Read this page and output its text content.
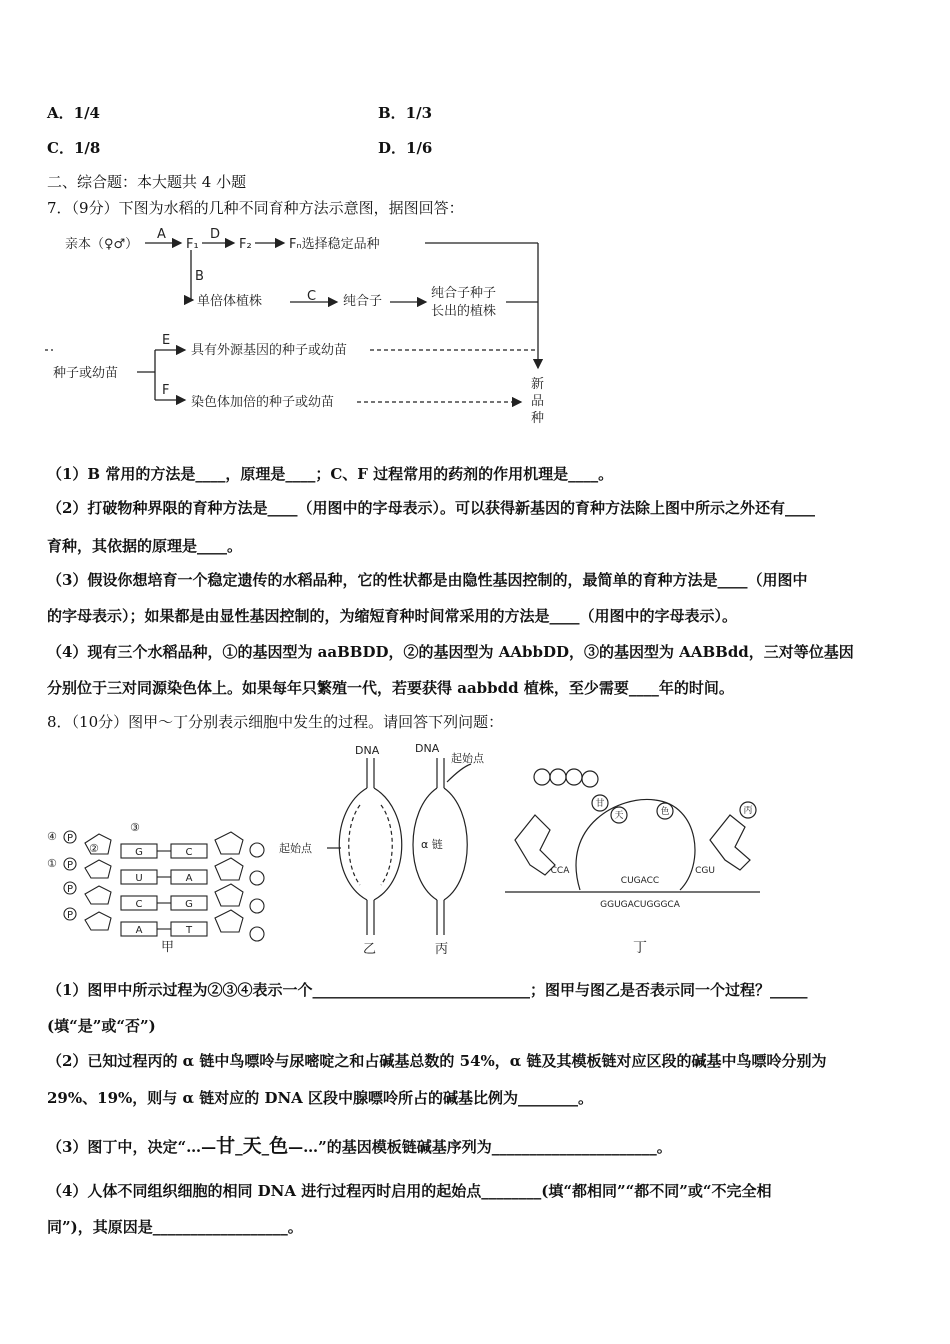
A．1/4	B．1/3
C．1/8	D．1/6
二、综合题：本大题共 4 小题
7．（9分）下图为水稻的几种不同育种方法示意图，据图回答：
亲本（♀♂）
A
F₁
D
F₂	Fₙ选择稳定品种
B
单倍体植株	C 纯合子
纯合子种子
长出的植株
种子或幼苗
E
具有外源基因的种子或幼苗
F
染色体加倍的种子或幼苗
新
品
种
（1）B 常用的方法是____，原理是____；C、F 过程常用的药剂的作用机理是____。
（2）打破物种界限的育种方法是____（用图中的字母表示）。可以获得新基因的育种方法除上图中所示之外还有____
育种，其依据的原理是____。
（3）假设你想培育一个稳定遗传的水稻品种，它的性状都是由隐性基因控制的，最简单的育种方法是____（用图中
的字母表示）；如果都是由显性基因控制的，为缩短育种时间常采用的方法是____（用图中的字母表示）。
（4）现有三个水稻品种，①的基因型为 aaBBDD，②的基因型为 AAbbDD，③的基因型为 AABBdd，三对等位基因
分别位于三对同源染色体上。如果每年只繁殖一代，若要获得 aabbdd 植株，至少需要____年的时间。
8．（10分）图甲～丁分别表示细胞中发生的过程。请回答下列问题：
④
①
②
③
甲
P
P
P
P
G
U
C
A
C
A
G
T
DNA	DNA
起始点
起始点	α 链
乙	丙
甘
天	色	丙
CCA
CUGACC
CGU
GGUGACUGGGCA
丁
（1）图甲中所示过程为②③④表示一个_____________________________；图甲与图乙是否表示同一个过程？_____
(填“是”或“否”)
（2）已知过程丙的 α 链中鸟嘌呤与尿嘧啶之和占碱基总数的 54%，α 链及其模板链对应区段的碱基中鸟嘌呤分别为
29%、19%，则与 α 链对应的 DNA 区段中腺嘌呤所占的碱基比例为________。
（3）图丁中，决定“…—甘_天_色—…”的基因模板链碱基序列为______________________。
（4）人体不同组织细胞的相同 DNA 进行过程丙时启用的起始点________(填“都相同”“都不同”或“不完全相
同”)，其原因是__________________。
